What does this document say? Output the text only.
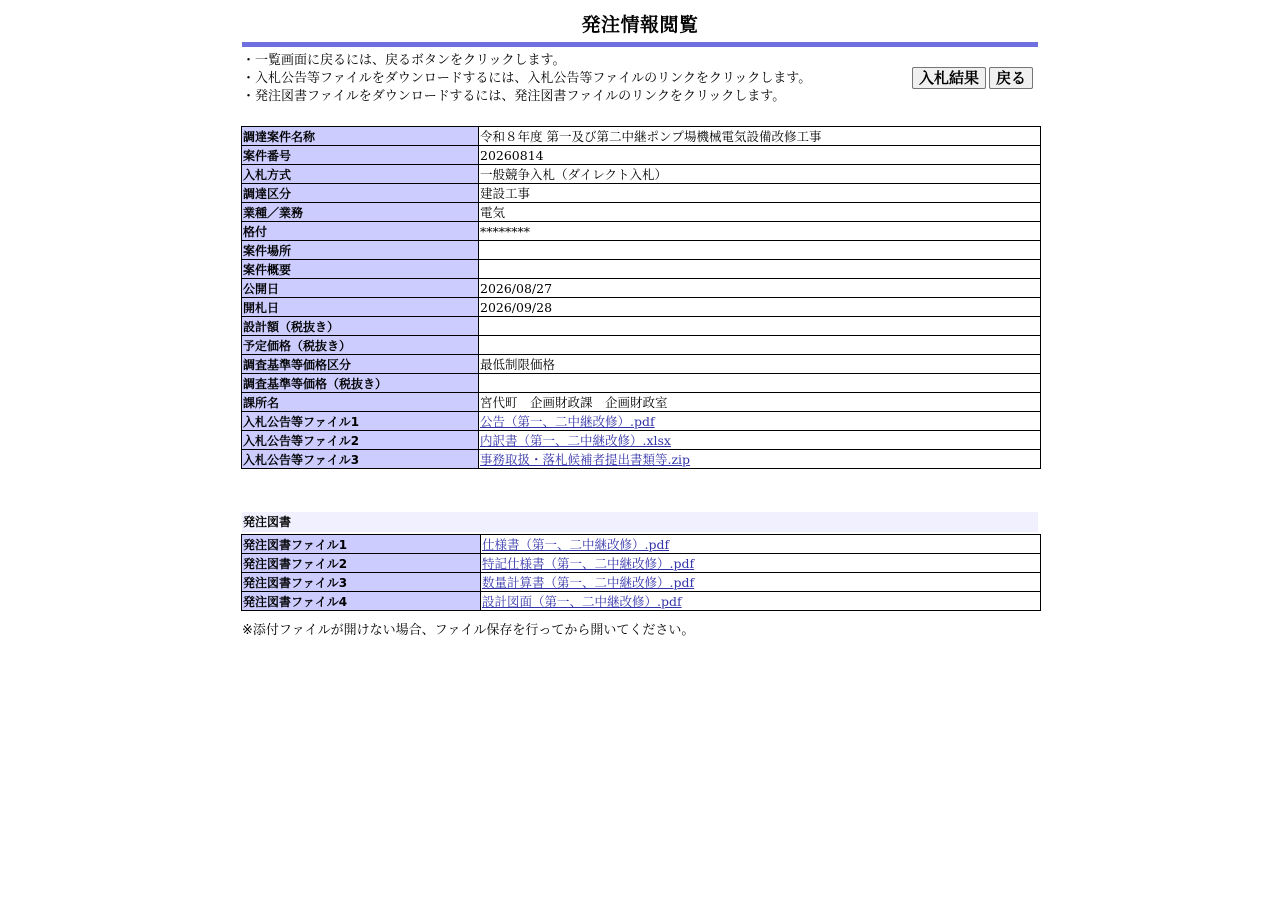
発注情報閲覧
・一覧画面に戻るには、戻るボタンをクリックします。
・入札公告等ファイルをダウンロードするには、入札公告等ファイルのリンクをクリックします。
・発注図書ファイルをダウンロードするには、発注図書ファイルのリンクをクリックします。
入札結果 戻る
調達案件名称	令和８年度 第一及び第二中継ポンプ場機械電気設備改修工事
案件番号	20260814
入札方式	一般競争入札（ダイレクト入札）
調達区分	建設工事
業種／業務	電気
格付	********
案件場所	
案件概要	
公開日	2026/08/27
開札日	2026/09/28
設計額（税抜き）	
予定価格（税抜き）	
調査基準等価格区分	最低制限価格
調査基準等価格（税抜き）	
課所名	宮代町　企画財政課　企画財政室
入札公告等ファイル1	公告（第一、二中継改修）.pdf
入札公告等ファイル2	内訳書（第一、二中継改修）.xlsx
入札公告等ファイル3	事務取扱・落札候補者提出書類等.zip
発注図書
発注図書ファイル1	仕様書（第一、二中継改修）.pdf
発注図書ファイル2	特記仕様書（第一、二中継改修）.pdf
発注図書ファイル3	数量計算書（第一、二中継改修）.pdf
発注図書ファイル4	設計図面（第一、二中継改修）.pdf
※添付ファイルが開けない場合、ファイル保存を行ってから開いてください。
